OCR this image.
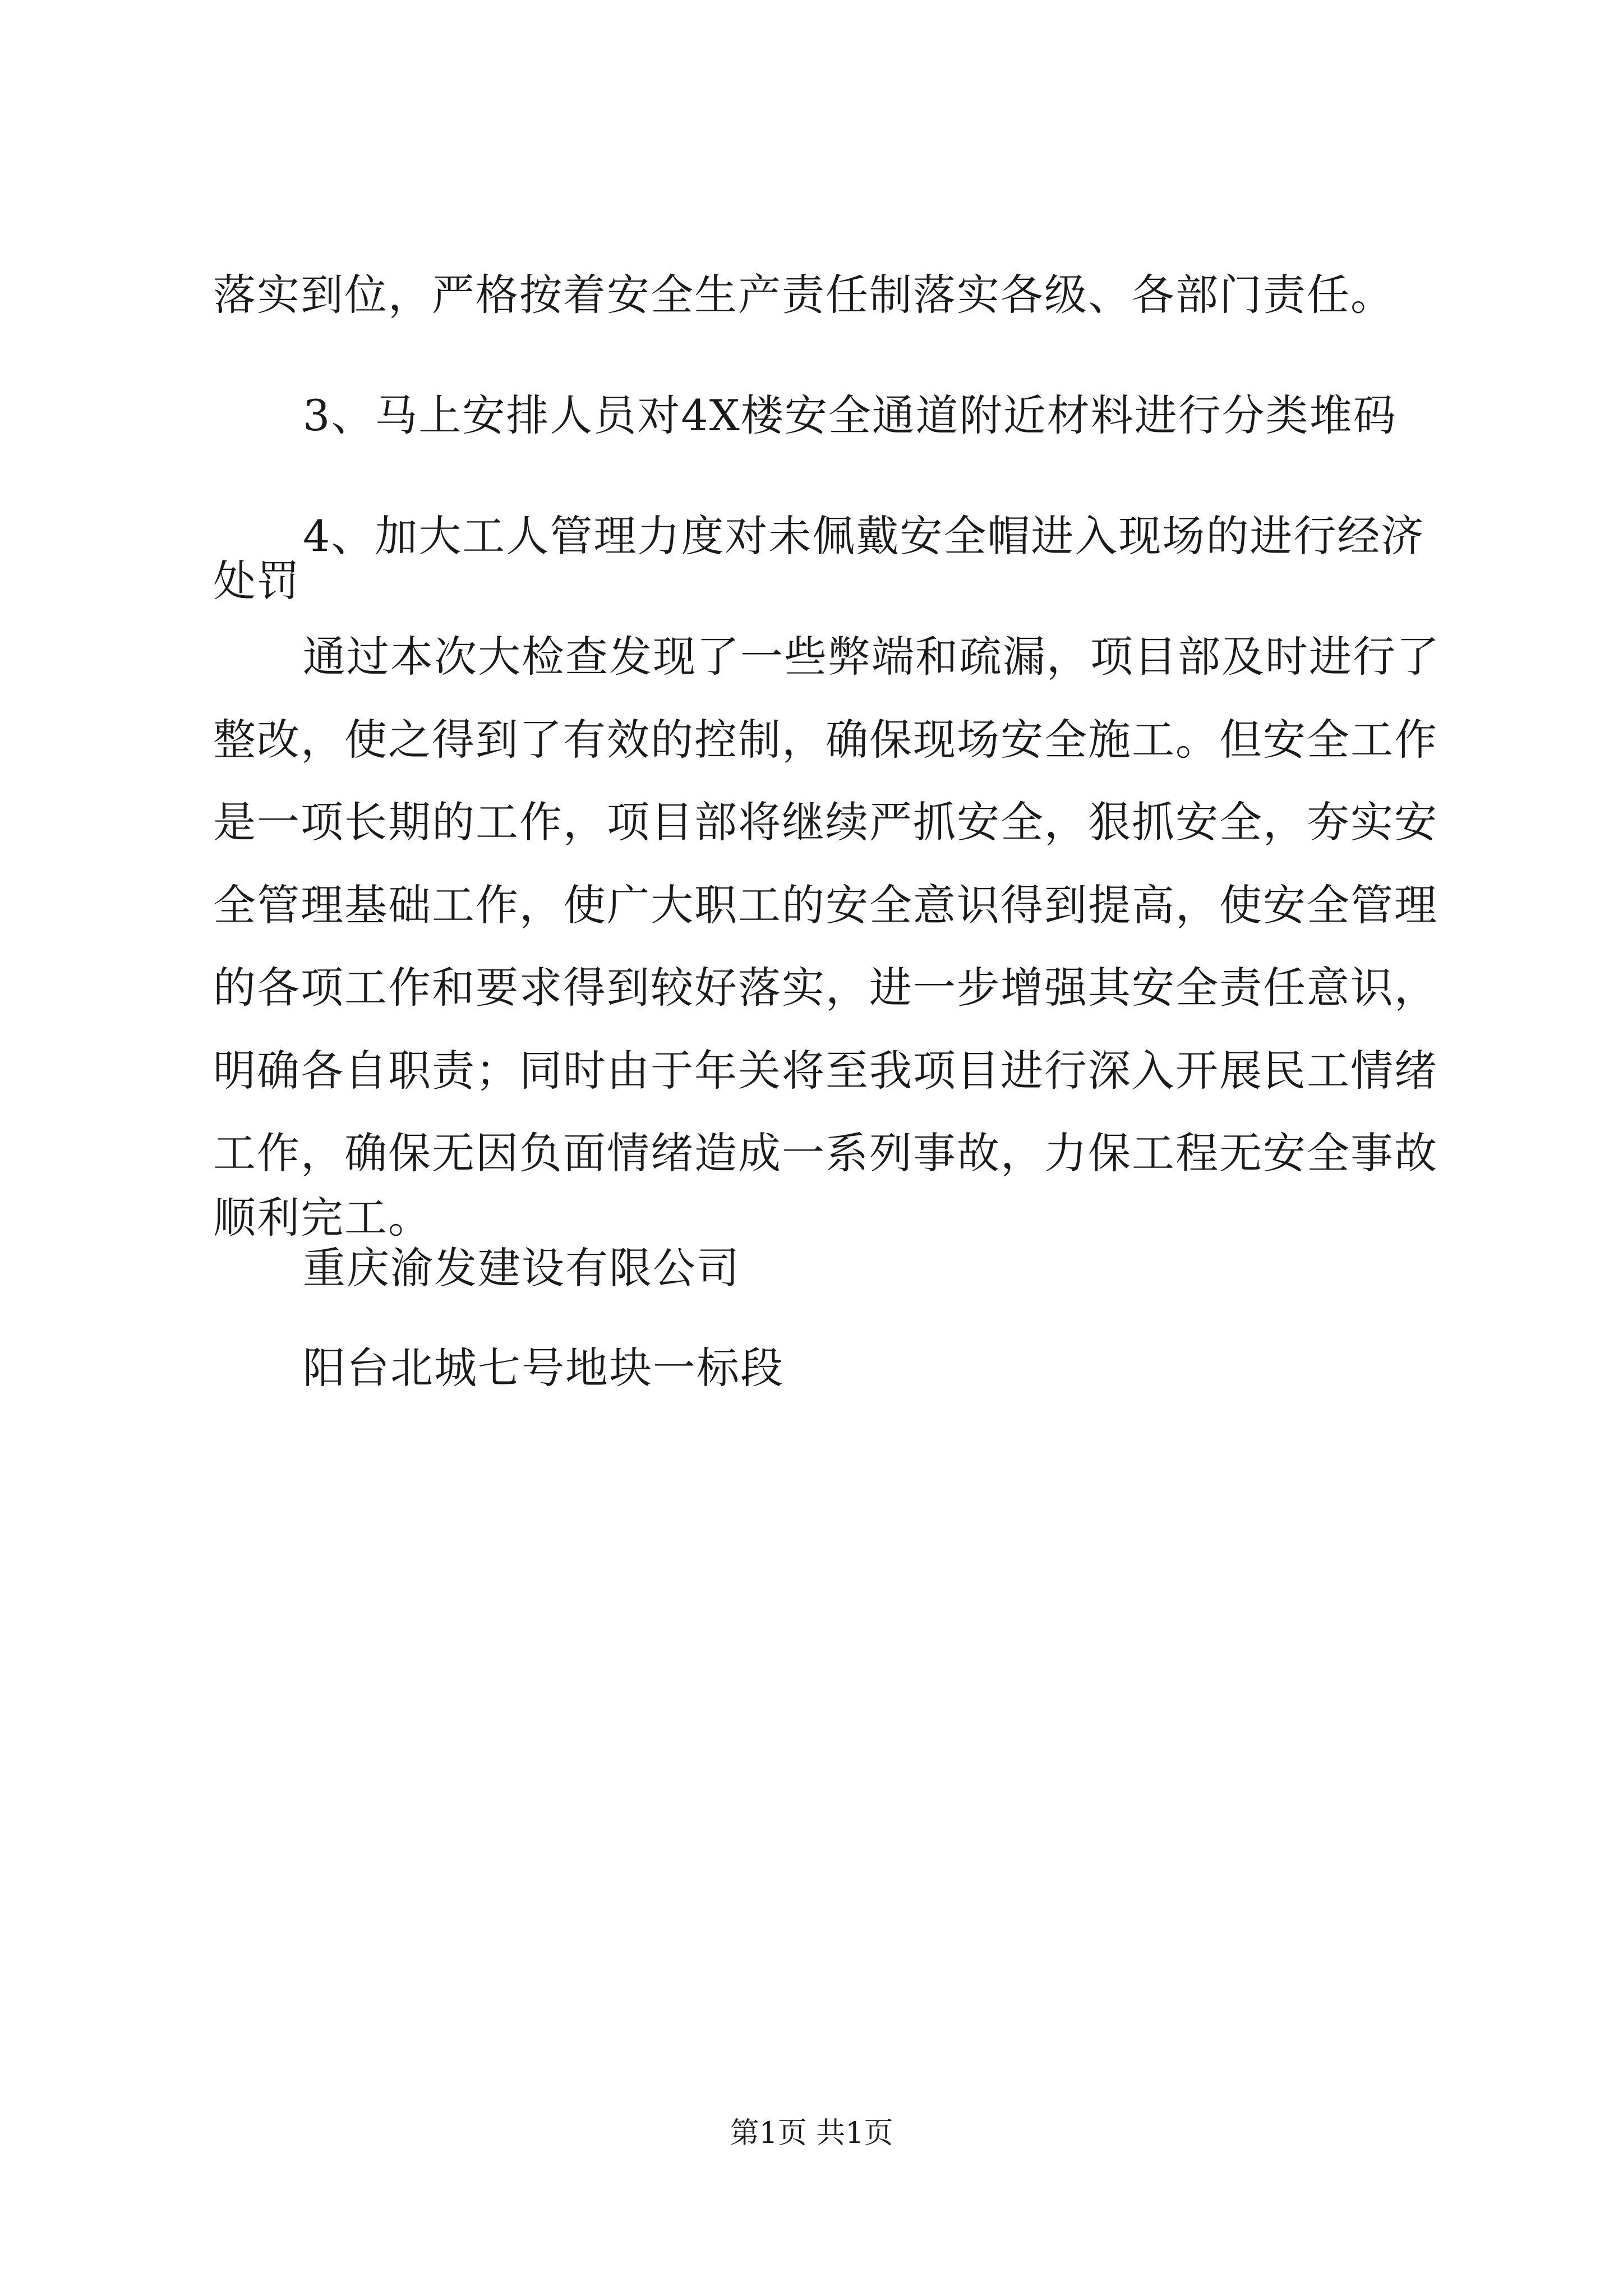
落实到位，严格按着安全生产责任制落实各级、各部门责任。
3、马上安排人员对4X楼安全通道附近材料进行分类堆码
4、加大工人管理力度对未佩戴安全帽进入现场的进行经济
处罚
通过本次大检查发现了一些弊端和疏漏，项目部及时进行了
整改，使之得到了有效的控制，确保现场安全施工。但安全工作
是一项长期的工作，项目部将继续严抓安全，狠抓安全，夯实安
全管理基础工作，使广大职工的安全意识得到提高，使安全管理
的各项工作和要求得到较好落实，进一步增强其安全责任意识，
明确各自职责；同时由于年关将至我项目进行深入开展民工情绪
工作，确保无因负面情绪造成一系列事故，力保工程无安全事故
顺利完工。
重庆渝发建设有限公司
阳台北城七号地块一标段
第1页 共1页
